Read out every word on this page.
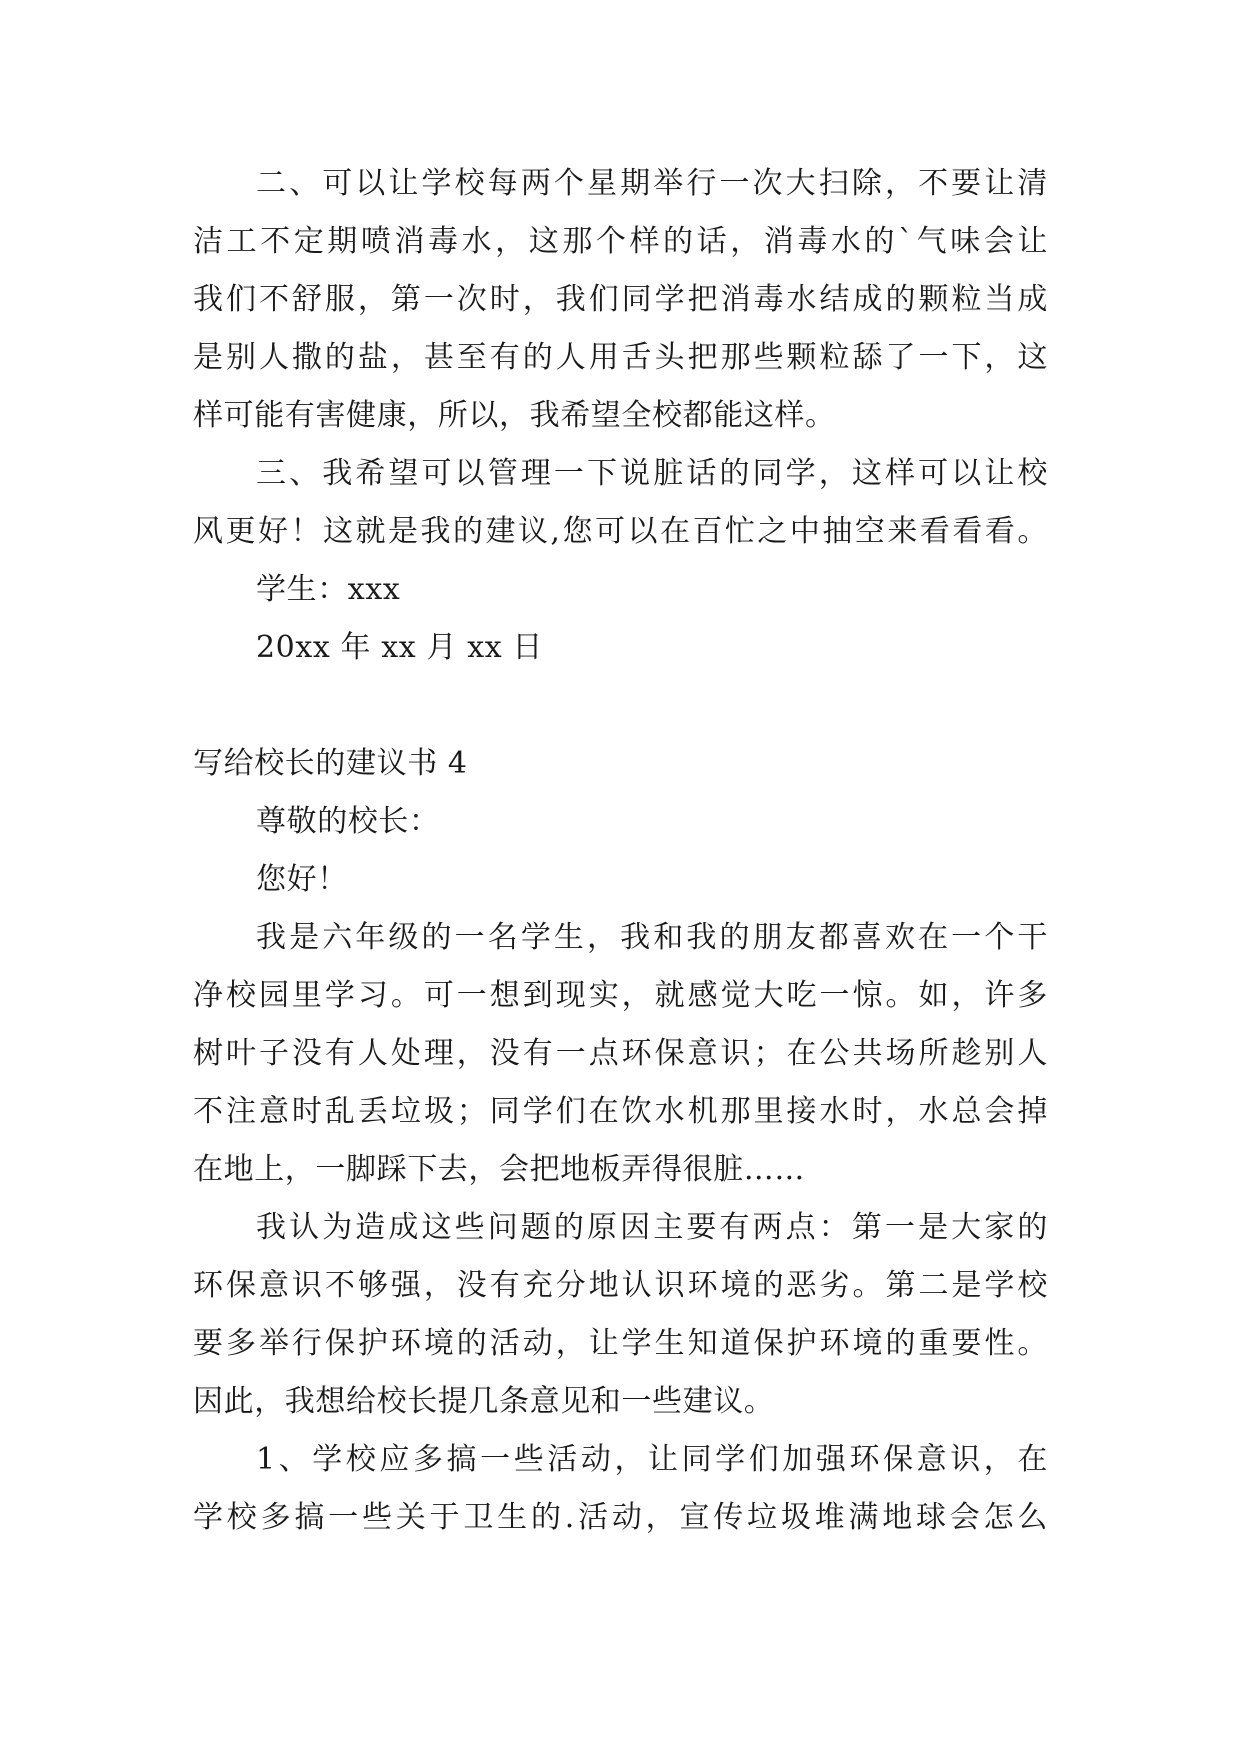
二、可以让学校每两个星期举行一次大扫除，不要让清

洁工不定期喷消毒水，这那个样的话，消毒水的`气味会让

我们不舒服，第一次时，我们同学把消毒水结成的颗粒当成

是别人撒的盐，甚至有的人用舌头把那些颗粒舔了一下，这

样可能有害健康，所以，我希望全校都能这样。

三、我希望可以管理一下说脏话的同学，这样可以让校

风更好！这就是我的建议,您可以在百忙之中抽空来看看看。

学生：xxx

20xx 年 xx 月 xx 日

写给校长的建议书 4

尊敬的校长：

您好！

我是六年级的一名学生，我和我的朋友都喜欢在一个干

净校园里学习。可一想到现实，就感觉大吃一惊。如，许多

树叶子没有人处理，没有一点环保意识；在公共场所趁别人

不注意时乱丢垃圾；同学们在饮水机那里接水时，水总会掉

在地上，一脚踩下去，会把地板弄得很脏……

我认为造成这些问题的原因主要有两点：第一是大家的

环保意识不够强，没有充分地认识环境的恶劣。第二是学校

要多举行保护环境的活动，让学生知道保护环境的重要性。

因此，我想给校长提几条意见和一些建议。

1、学校应多搞一些活动，让同学们加强环保意识，在

学校多搞一些关于卫生的.活动，宣传垃圾堆满地球会怎么
